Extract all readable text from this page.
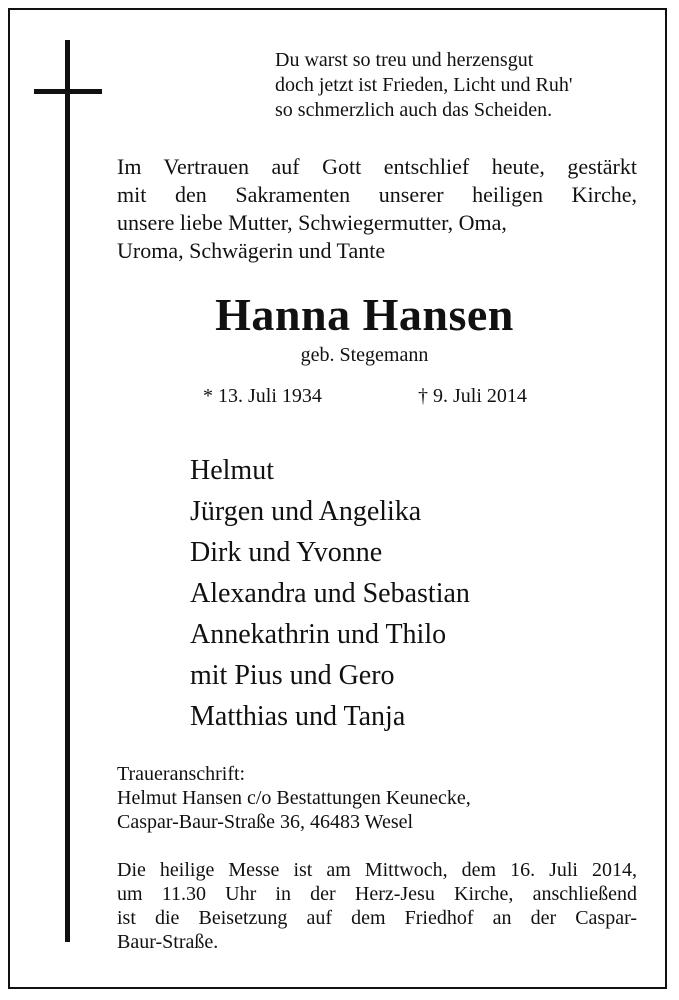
Du warst so treu und herzensgut
doch jetzt ist Frieden, Licht und Ruh'
so schmerzlich auch das Scheiden.
Im Vertrauen auf Gott entschlief heute, gestärkt
mit den Sakramenten unserer heiligen Kirche,
unsere liebe Mutter, Schwiegermutter, Oma,
Uroma, Schwägerin und Tante
Hanna Hansen
geb. Stegemann
* 13. Juli 1934	† 9. Juli 2014
Helmut
Jürgen und Angelika
Dirk und Yvonne
Alexandra und Sebastian
Annekathrin und Thilo
mit Pius und Gero
Matthias und Tanja
Traueranschrift:
Helmut Hansen c/o Bestattungen Keunecke,
Caspar-Baur-Straße 36, 46483 Wesel
Die heilige Messe ist am Mittwoch, dem 16. Juli 2014,
um 11.30 Uhr in der Herz-Jesu Kirche, anschließend
ist die Beisetzung auf dem Friedhof an der Caspar-
Baur-Straße.
